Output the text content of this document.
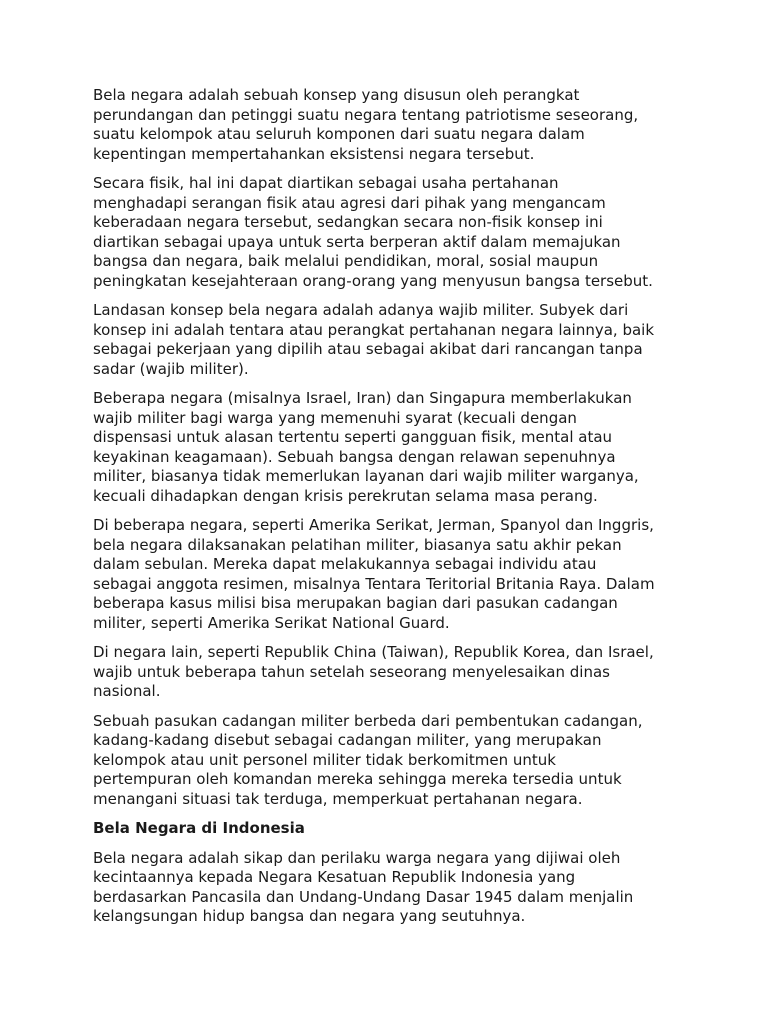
Bela negara adalah sebuah konsep yang disusun oleh perangkat
perundangan dan petinggi suatu negara tentang patriotisme seseorang,
suatu kelompok atau seluruh komponen dari suatu negara dalam
kepentingan mempertahankan eksistensi negara tersebut.

Secara fisik, hal ini dapat diartikan sebagai usaha pertahanan
menghadapi serangan fisik atau agresi dari pihak yang mengancam
keberadaan negara tersebut, sedangkan secara non-fisik konsep ini
diartikan sebagai upaya untuk serta berperan aktif dalam memajukan
bangsa dan negara, baik melalui pendidikan, moral, sosial maupun
peningkatan kesejahteraan orang-orang yang menyusun bangsa tersebut.

Landasan konsep bela negara adalah adanya wajib militer. Subyek dari
konsep ini adalah tentara atau perangkat pertahanan negara lainnya, baik
sebagai pekerjaan yang dipilih atau sebagai akibat dari rancangan tanpa
sadar (wajib militer).

Beberapa negara (misalnya Israel, Iran) dan Singapura memberlakukan
wajib militer bagi warga yang memenuhi syarat (kecuali dengan
dispensasi untuk alasan tertentu seperti gangguan fisik, mental atau
keyakinan keagamaan). Sebuah bangsa dengan relawan sepenuhnya
militer, biasanya tidak memerlukan layanan dari wajib militer warganya,
kecuali dihadapkan dengan krisis perekrutan selama masa perang.

Di beberapa negara, seperti Amerika Serikat, Jerman, Spanyol dan Inggris,
bela negara dilaksanakan pelatihan militer, biasanya satu akhir pekan
dalam sebulan. Mereka dapat melakukannya sebagai individu atau
sebagai anggota resimen, misalnya Tentara Teritorial Britania Raya. Dalam
beberapa kasus milisi bisa merupakan bagian dari pasukan cadangan
militer, seperti Amerika Serikat National Guard.

Di negara lain, seperti Republik China (Taiwan), Republik Korea, dan Israel,
wajib untuk beberapa tahun setelah seseorang menyelesaikan dinas
nasional.

Sebuah pasukan cadangan militer berbeda dari pembentukan cadangan,
kadang-kadang disebut sebagai cadangan militer, yang merupakan
kelompok atau unit personel militer tidak berkomitmen untuk
pertempuran oleh komandan mereka sehingga mereka tersedia untuk
menangani situasi tak terduga, memperkuat pertahanan negara.

Bela Negara di Indonesia

Bela negara adalah sikap dan perilaku warga negara yang dijiwai oleh
kecintaannya kepada Negara Kesatuan Republik Indonesia yang
berdasarkan Pancasila dan Undang-Undang Dasar 1945 dalam menjalin
kelangsungan hidup bangsa dan negara yang seutuhnya.
